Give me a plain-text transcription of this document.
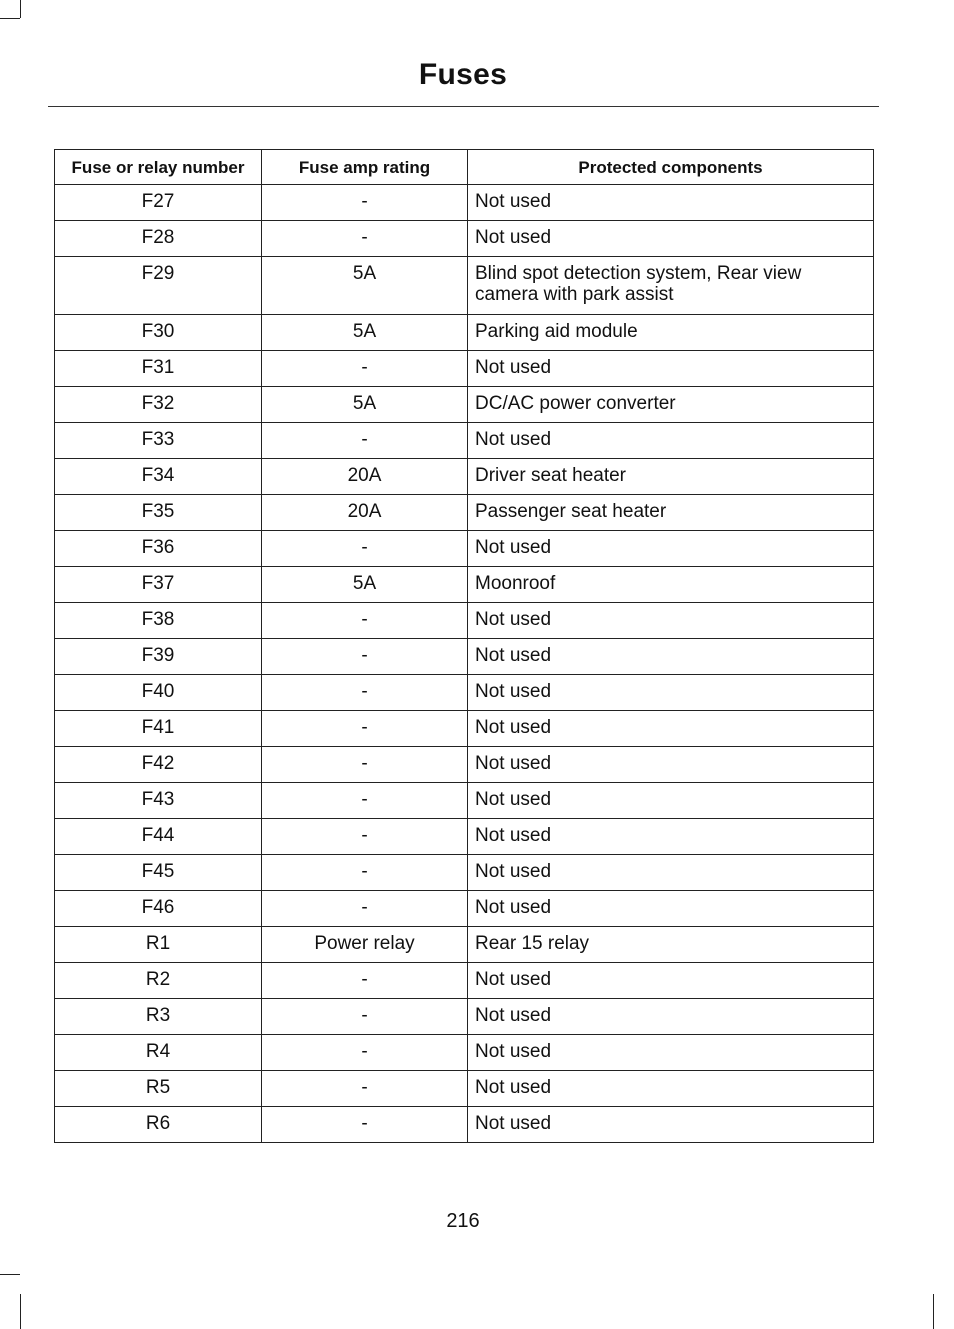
Fuses
Fuse or relay number	Fuse amp rating	Protected components
F27	-	Not used
F28	-	Not used
F29	5A	Blind spot detection system, Rear view camera with park assist
F30	5A	Parking aid module
F31	-	Not used
F32	5A	DC/AC power converter
F33	-	Not used
F34	20A	Driver seat heater
F35	20A	Passenger seat heater
F36	-	Not used
F37	5A	Moonroof
F38	-	Not used
F39	-	Not used
F40	-	Not used
F41	-	Not used
F42	-	Not used
F43	-	Not used
F44	-	Not used
F45	-	Not used
F46	-	Not used
R1	Power relay	Rear 15 relay
R2	-	Not used
R3	-	Not used
R4	-	Not used
R5	-	Not used
R6	-	Not used
216
